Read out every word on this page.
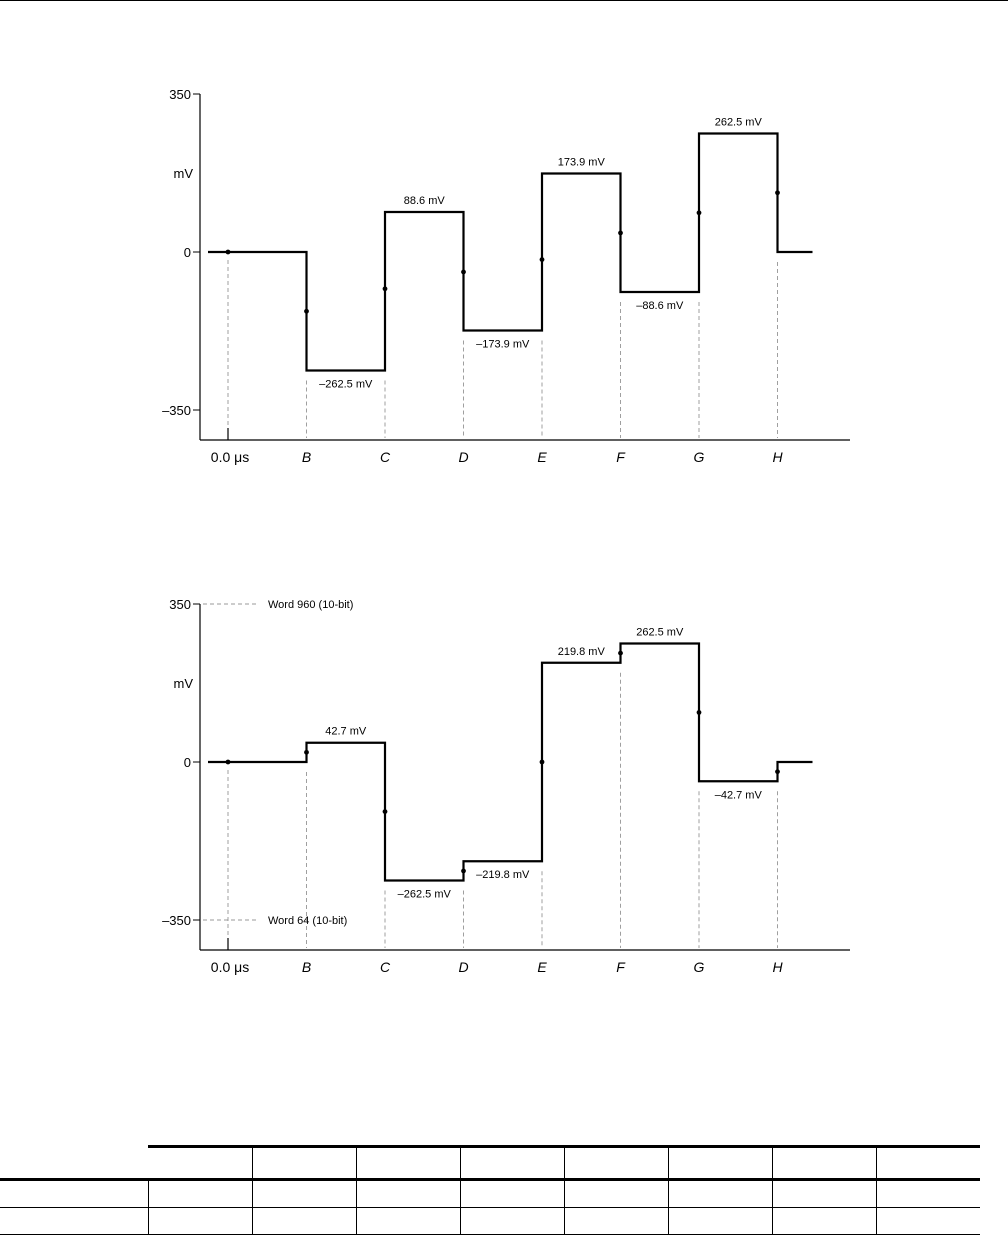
350
0
–350
mV
0.0 μs	B	C	D	E	F	G	H
–262.5 mV
88.6 mV
–173.9 mV
173.9 mV
–88.6 mV
262.5 mV
350
0
–350
mV
Word 960 (10-bit)
Word 64 (10-bit)
0.0 μs	B	C	D	E	F	G	H
42.7 mV
–262.5 mV
–219.8 mV
219.8 mV
262.5 mV
–42.7 mV
